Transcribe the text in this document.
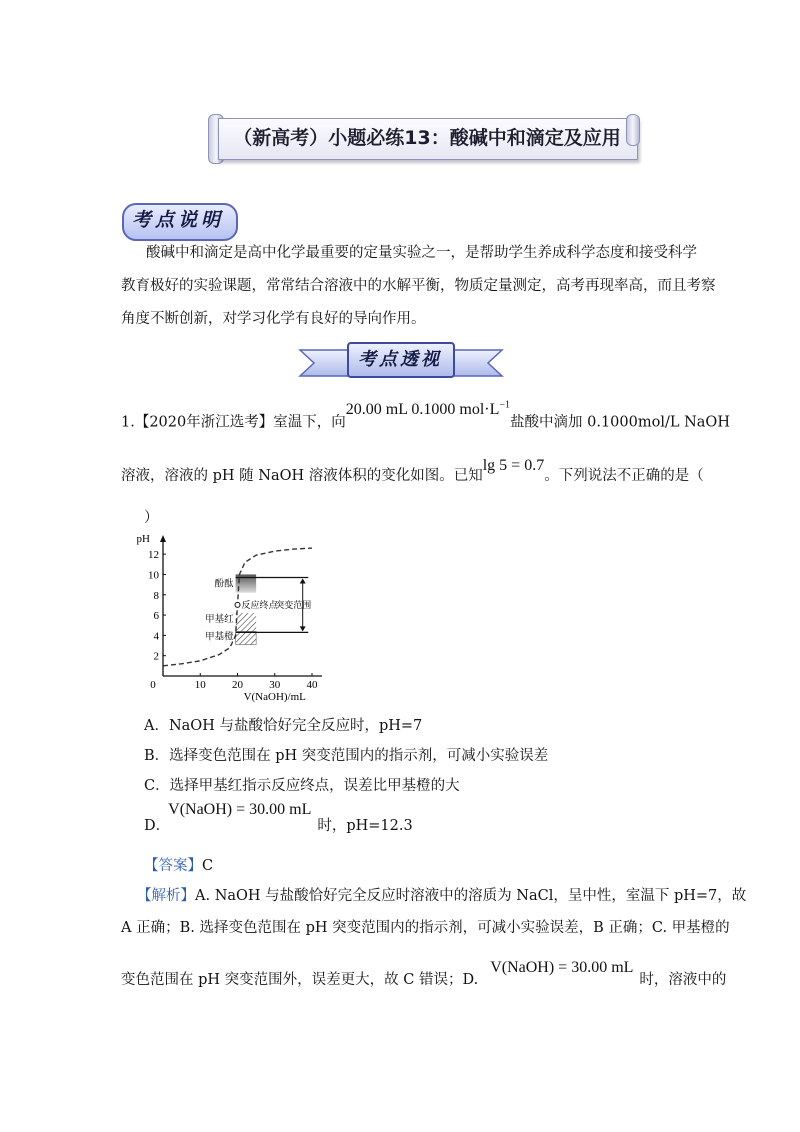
（新高考）小题必练13：酸碱中和滴定及应用
考点说明
酸碱中和滴定是高中化学最重要的定量实验之一，是帮助学生养成科学态度和接受科学
教育极好的实验课题，常常结合溶液中的水解平衡，物质定量测定，高考再现率高，而且考察
角度不断创新，对学习化学有良好的导向作用。
考点透视
1.【2020年浙江选考】室温下，向20.00 mL 0.1000 $mol\cdot L^{-1}$盐酸中滴加 0.1000mol/L NaOH
溶液，溶液的 pH 随 NaOH 溶液体积的变化如图。已知lg 5 = 0.7。下列说法不正确的是（
）
0	10 20 30 40
2
4
6
8
10
12
pH
V(NaOH)/mL
酚酞
反应终点
突变范围
甲基红
甲基橙
A．NaOH 与盐酸恰好完全反应时，pH=7
B．选择变色范围在 pH 突变范围内的指示剂，可减小实验误差
C．选择甲基红指示反应终点，误差比甲基橙的大
D．V(NaOH) = 30.00 mL时，pH=12.3
【答案】C
【解析】A. NaOH 与盐酸恰好完全反应时溶液中的溶质为 NaCl，呈中性，室温下 pH=7，故
A 正确；B. 选择变色范围在 pH 突变范围内的指示剂，可减小实验误差，B 正确；C. 甲基橙的
变色范围在 pH 突变范围外，误差更大，故 C 错误；D.V(NaOH) = 30.00 mL时，溶液中的
